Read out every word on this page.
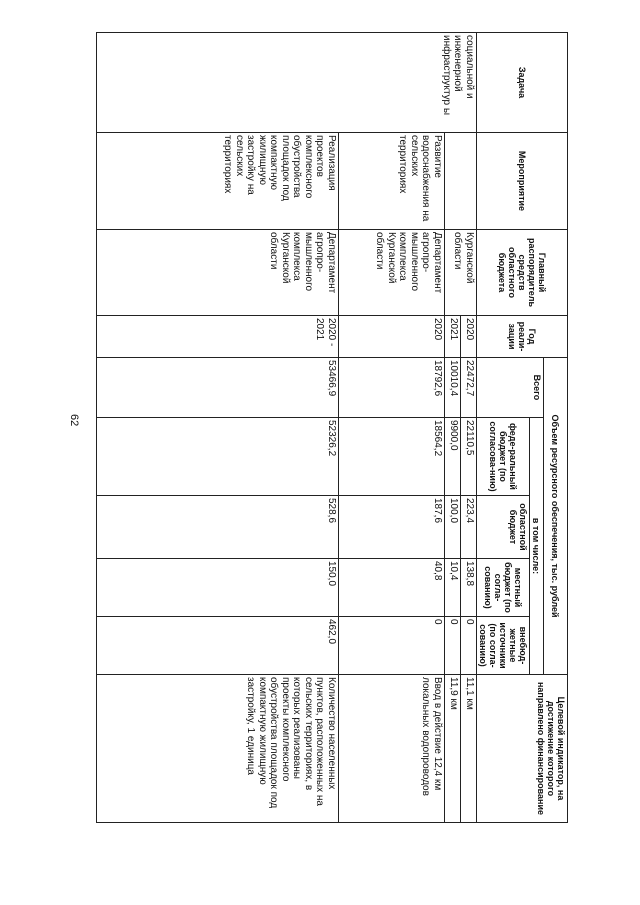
62
Задача	Мероприятие	Главный распорядитель средств областного бюджета	Год реали-зации	Объем ресурсного обеспечения, тыс. рублей					Целевой индикатор, на достижение которого направлено финансирование
				Всего	в том числе:				
					феде-ральный бюджет (по согласова-нию)	областной бюджет	местный бюджет (по согла-сованию)	внебюд-жетные источники (по согла-сованию)	
социальной и инженерной инфраструктур ы		Курганской области	2020	22472,7	22110,5	223,4	138,8	0	11,1 км
			2021	10010,4	9900,0	100,0	10,4	0	11,9 км
	Развитие водоснабжения на сельских территориях	Департамент агропро-мышленного комплекса Курганской области	2020	18792,6	18564,2	187,6	40,8	0	Ввод в действие 12,4 км локальных водопроводов
	Реализация проектов комплексного обустройства площадок под компактную жилищную застройку на сельских территориях	Департамент агропро-мышленного комплекса Курганской области	2020 - 2021	53466,9	52326,2	528,6	150,0	462,0	Количество населенных пунктов, расположенных на сельских территориях, в которых реализованы проекты комплексного обустройства площадок под компактную жилищную застройку, 1 единица
